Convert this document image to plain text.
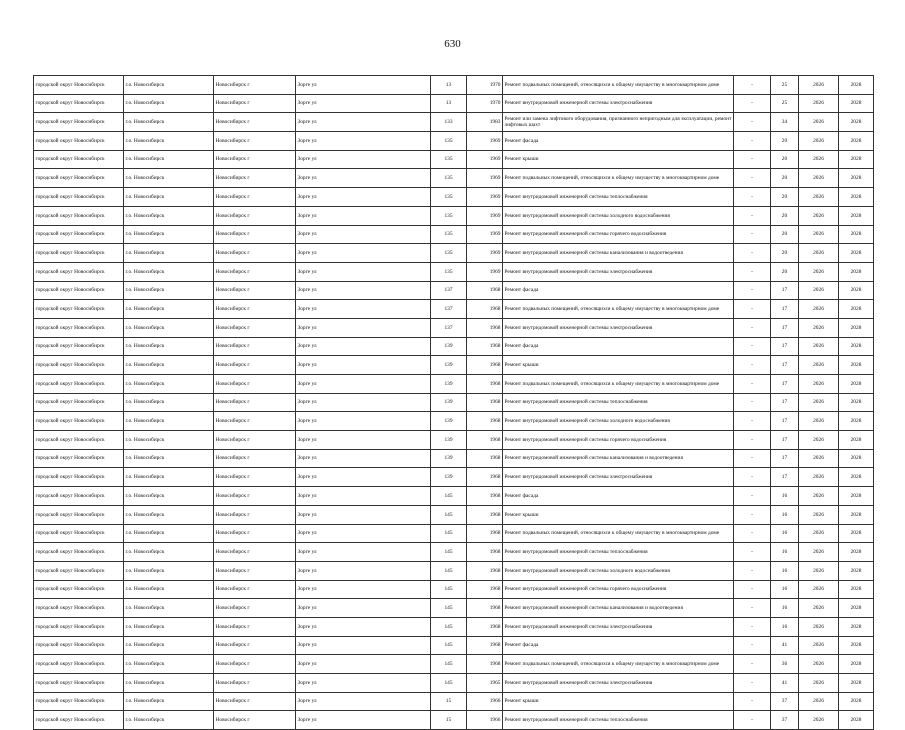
630
городской округ Новосибирск	г.о. Новосибирск	Новосибирск г	Зорге ул	13	1970	Ремонт подвальных помещений, относящихся к общему имуществу в многоквартирном доме	-	25	2026	2028
городской округ Новосибирск	г.о. Новосибирск	Новосибирск г	Зорге ул	13	1970	Ремонт внутридомовой инженерной системы электроснабжения	-	25	2026	2028
городской округ Новосибирск	г.о. Новосибирск	Новосибирск г	Зорге ул	133	1983	Ремонт или замена лифтового оборудования, признанного непригодным для эксплуатации, ремонт лифтовых шахт	-	34	2026	2028
городской округ Новосибирск	г.о. Новосибирск	Новосибирск г	Зорге ул	135	1969	Ремонт фасада	-	20	2026	2028
городской округ Новосибирск	г.о. Новосибирск	Новосибирск г	Зорге ул	135	1969	Ремонт крыши	-	20	2026	2028
городской округ Новосибирск	г.о. Новосибирск	Новосибирск г	Зорге ул	135	1969	Ремонт подвальных помещений, относящихся к общему имуществу в многоквартирном доме	-	20	2026	2028
городской округ Новосибирск	г.о. Новосибирск	Новосибирск г	Зорге ул	135	1969	Ремонт внутридомовой инженерной системы теплоснабжения	-	20	2026	2028
городской округ Новосибирск	г.о. Новосибирск	Новосибирск г	Зорге ул	135	1969	Ремонт внутридомовой инженерной системы холодного водоснабжения	-	20	2026	2028
городской округ Новосибирск	г.о. Новосибирск	Новосибирск г	Зорге ул	135	1969	Ремонт внутридомовой инженерной системы горячего водоснабжения	-	20	2026	2028
городской округ Новосибирск	г.о. Новосибирск	Новосибирск г	Зорге ул	135	1969	Ремонт внутридомовой инженерной системы канализования и водоотведения	-	20	2026	2028
городской округ Новосибирск	г.о. Новосибирск	Новосибирск г	Зорге ул	135	1969	Ремонт внутридомовой инженерной системы электроснабжения	-	20	2026	2028
городской округ Новосибирск	г.о. Новосибирск	Новосибирск г	Зорге ул	137	1968	Ремонт фасада	-	17	2026	2028
городской округ Новосибирск	г.о. Новосибирск	Новосибирск г	Зорге ул	137	1968	Ремонт подвальных помещений, относящихся к общему имуществу в многоквартирном доме	-	17	2026	2028
городской округ Новосибирск	г.о. Новосибирск	Новосибирск г	Зорге ул	137	1968	Ремонт внутридомовой инженерной системы электроснабжения	-	17	2026	2028
городской округ Новосибирск	г.о. Новосибирск	Новосибирск г	Зорге ул	139	1968	Ремонт фасада	-	17	2026	2028
городской округ Новосибирск	г.о. Новосибирск	Новосибирск г	Зорге ул	139	1968	Ремонт крыши	-	17	2026	2028
городской округ Новосибирск	г.о. Новосибирск	Новосибирск г	Зорге ул	139	1968	Ремонт подвальных помещений, относящихся к общему имуществу в многоквартирном доме	-	17	2026	2028
городской округ Новосибирск	г.о. Новосибирск	Новосибирск г	Зорге ул	139	1968	Ремонт внутридомовой инженерной системы теплоснабжения	-	17	2026	2028
городской округ Новосибирск	г.о. Новосибирск	Новосибирск г	Зорге ул	139	1968	Ремонт внутридомовой инженерной системы холодного водоснабжения	-	17	2026	2028
городской округ Новосибирск	г.о. Новосибирск	Новосибирск г	Зорге ул	139	1968	Ремонт внутридомовой инженерной системы горячего водоснабжения	-	17	2026	2028
городской округ Новосибирск	г.о. Новосибирск	Новосибирск г	Зорге ул	139	1968	Ремонт внутридомовой инженерной системы канализования и водоотведения	-	17	2026	2028
городской округ Новосибирск	г.о. Новосибирск	Новосибирск г	Зорге ул	139	1968	Ремонт внутридомовой инженерной системы электроснабжения	-	17	2026	2028
городской округ Новосибирск	г.о. Новосибирск	Новосибирск г	Зорге ул	145	1968	Ремонт фасада	-	16	2026	2028
городской округ Новосибирск	г.о. Новосибирск	Новосибирск г	Зорге ул	145	1968	Ремонт крыши	-	16	2026	2028
городской округ Новосибирск	г.о. Новосибирск	Новосибирск г	Зорге ул	145	1968	Ремонт подвальных помещений, относящихся к общему имуществу в многоквартирном доме	-	16	2026	2028
городской округ Новосибирск	г.о. Новосибирск	Новосибирск г	Зорге ул	145	1968	Ремонт внутридомовой инженерной системы теплоснабжения	-	16	2026	2028
городской округ Новосибирск	г.о. Новосибирск	Новосибирск г	Зорге ул	145	1968	Ремонт внутридомовой инженерной системы холодного водоснабжения	-	16	2026	2028
городской округ Новосибирск	г.о. Новосибирск	Новосибирск г	Зорге ул	145	1968	Ремонт внутридомовой инженерной системы горячего водоснабжения	-	16	2026	2028
городской округ Новосибирск	г.о. Новосибирск	Новосибирск г	Зорге ул	145	1968	Ремонт внутридомовой инженерной системы канализования и водоотведения	-	16	2026	2028
городской округ Новосибирск	г.о. Новосибирск	Новосибирск г	Зорге ул	145	1968	Ремонт внутридомовой инженерной системы электроснабжения	-	16	2026	2028
городской округ Новосибирск	г.о. Новосибирск	Новосибирск г	Зорге ул	145	1968	Ремонт фасада	-	41	2026	2028
городской округ Новосибирск	г.о. Новосибирск	Новосибирск г	Зорге ул	145	1968	Ремонт подвальных помещений, относящихся к общему имуществу в многоквартирном доме	-	36	2026	2028
городской округ Новосибирск	г.о. Новосибирск	Новосибирск г	Зорге ул	145	1965	Ремонт внутридомовой инженерной системы электроснабжения	-	41	2026	2028
городской округ Новосибирск	г.о. Новосибирск	Новосибирск г	Зорге ул	15	1966	Ремонт крыши	-	37	2026	2028
городской округ Новосибирск	г.о. Новосибирск	Новосибирск г	Зорге ул	15	1966	Ремонт внутридомовой инженерной системы теплоснабжения	-	37	2026	2028
